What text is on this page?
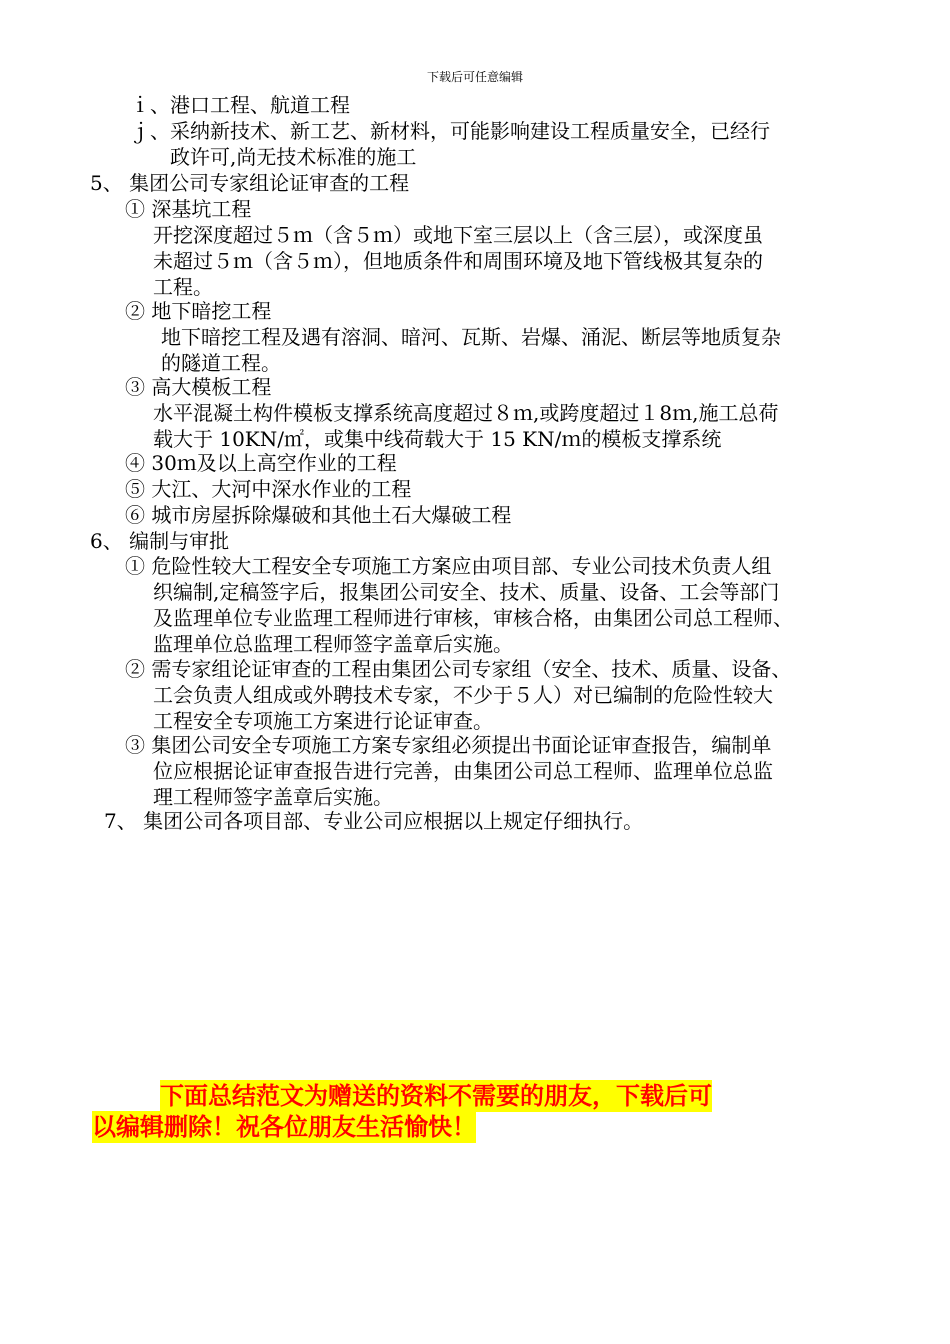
下载后可任意编辑
ｉ、港口工程、航道工程
ｊ、采纳新技术、新工艺、新材料，可能影响建设工程质量安全，已经行
政许可,尚无技术标准的施工
5、 集团公司专家组论证审查的工程
① 深基坑工程
开挖深度超过５ｍ（含５ｍ）或地下室三层以上（含三层），或深度虽
未超过５ｍ（含５ｍ），但地质条件和周围环境及地下管线极其复杂的
工程。
② 地下暗挖工程
地下暗挖工程及遇有溶洞、暗河、瓦斯、岩爆、涌泥、断层等地质复杂
的隧道工程。
③ 高大模板工程
水平混凝土构件模板支撑系统高度超过８ｍ,或跨度超过１8ｍ,施工总荷
载大于 10KN/㎡，或集中线荷载大于 15 KN/ｍ的模板支撑系统
④ 30ｍ及以上高空作业的工程
⑤ 大江、大河中深水作业的工程
⑥ 城市房屋拆除爆破和其他土石大爆破工程
6、 编制与审批
① 危险性较大工程安全专项施工方案应由项目部、专业公司技术负责人组
织编制,定稿签字后，报集团公司安全、技术、质量、设备、工会等部门
及监理单位专业监理工程师进行审核，审核合格，由集团公司总工程师、
监理单位总监理工程师签字盖章后实施。
② 需专家组论证审查的工程由集团公司专家组（安全、技术、质量、设备、
工会负责人组成或外聘技术专家，不少于５人）对已编制的危险性较大
工程安全专项施工方案进行论证审查。
③ 集团公司安全专项施工方案专家组必须提出书面论证审查报告，编制单
位应根据论证审查报告进行完善，由集团公司总工程师、监理单位总监
理工程师签字盖章后实施。
7、 集团公司各项目部、专业公司应根据以上规定仔细执行。
下面总结范文为赠送的资料不需要的朋友，下载后可
以编辑删除！祝各位朋友生活愉快！
